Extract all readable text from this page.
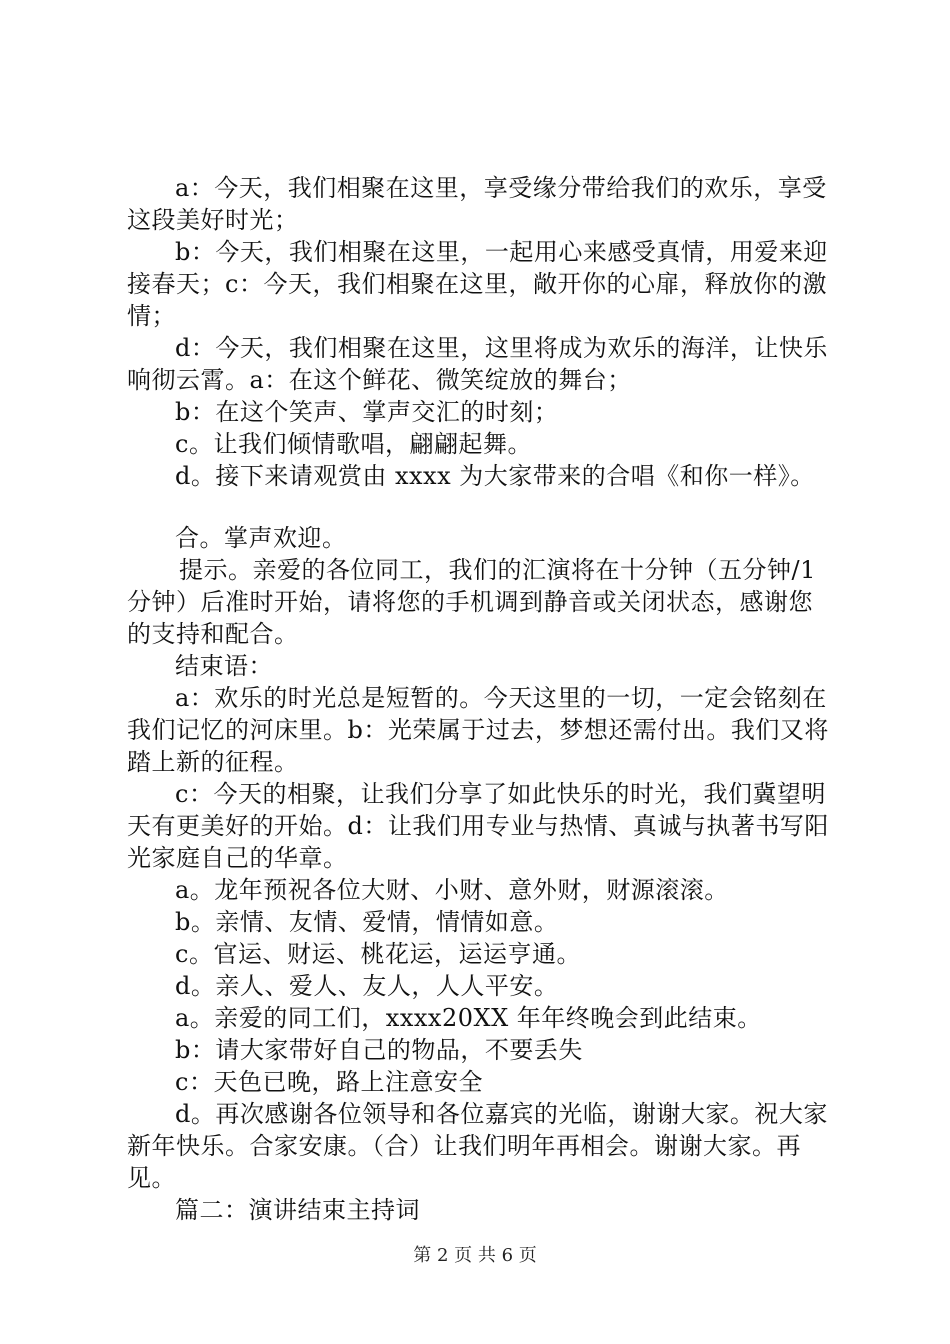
a：今天，我们相聚在这里，享受缘分带给我们的欢乐，享受这段美好时光；

b：今天，我们相聚在这里，一起用心来感受真情，用爱来迎接春天；c：今天，我们相聚在这里，敞开你的心扉，释放你的激情；

d：今天，我们相聚在这里，这里将成为欢乐的海洋，让快乐响彻云霄。a：在这个鲜花、微笑绽放的舞台；

b：在这个笑声、掌声交汇的时刻；

c。让我们倾情歌唱，翩翩起舞。

d。接下来请观赏由 xxxx 为大家带来的合唱《和你一样》。

合。掌声欢迎。

提示。亲爱的各位同工，我们的汇演将在十分钟（五分钟/1 分钟）后准时开始，请将您的手机调到静音或关闭状态，感谢您的支持和配合。

结束语：

a：欢乐的时光总是短暂的。今天这里的一切，一定会铭刻在我们记忆的河床里。b：光荣属于过去，梦想还需付出。我们又将踏上新的征程。

c：今天的相聚，让我们分享了如此快乐的时光，我们冀望明天有更美好的开始。d：让我们用专业与热情、真诚与执著书写阳光家庭自己的华章。

a。龙年预祝各位大财、小财、意外财，财源滚滚。

b。亲情、友情、爱情，情情如意。

c。官运、财运、桃花运，运运亨通。

d。亲人、爱人、友人，人人平安。

a。亲爱的同工们，xxxx20XX 年年终晚会到此结束。

b：请大家带好自己的物品，不要丢失

c：天色已晚，路上注意安全

d。再次感谢各位领导和各位嘉宾的光临，谢谢大家。祝大家新年快乐。合家安康。（合）让我们明年再相会。谢谢大家。再见。

篇二：演讲结束主持词

第 2 页 共 6 页
